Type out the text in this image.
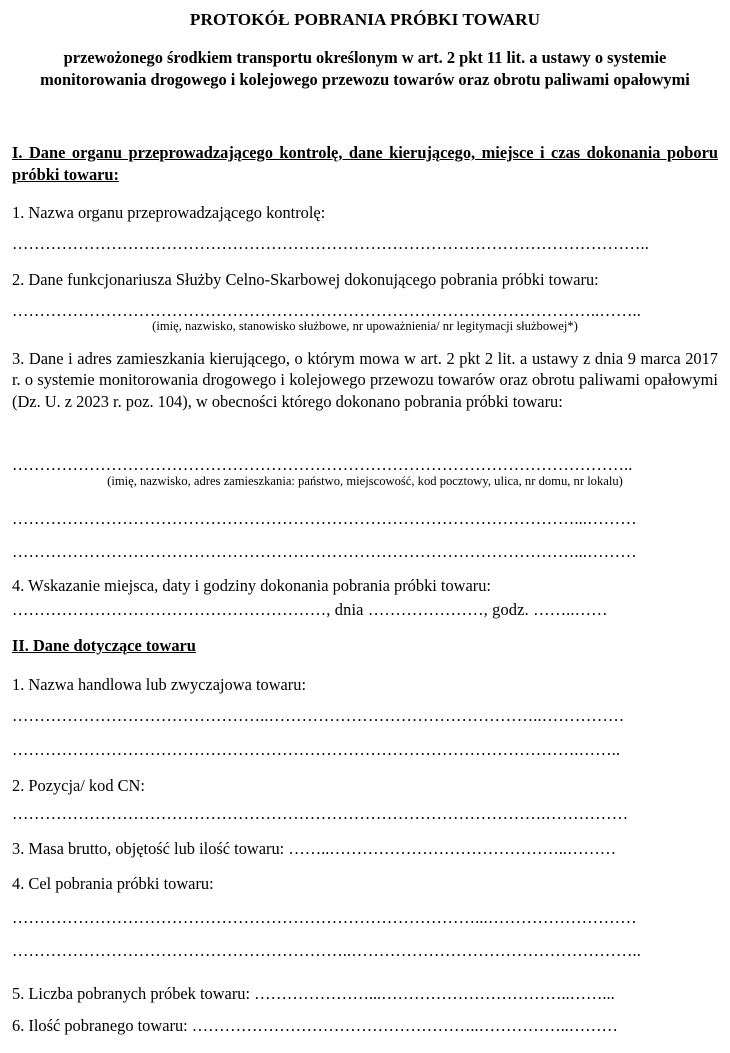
PROTOKÓŁ POBRANIA PRÓBKI TOWARU
przewożonego środkiem transportu określonym w art. 2 pkt 11 lit. a ustawy o systemie monitorowania drogowego i kolejowego przewozu towarów oraz obrotu paliwami opałowymi
I. Dane organu przeprowadzającego kontrolę, dane kierującego, miejsce i czas dokonania poboru próbki towaru:
1. Nazwa organu przeprowadzającego kontrolę:
……………………………………………………………………………………………………..
2. Dane funkcjonariusza Służby Celno-Skarbowej dokonującego pobrania próbki towaru:
……………………………………………………………………………………………..……..
(imię, nazwisko, stanowisko służbowe, nr upoważnienia/ nr legitymacji służbowej*)
3. Dane i adres zamieszkania kierującego, o którym mowa w art. 2 pkt 2 lit. a ustawy z dnia 9 marca 2017 r. o systemie monitorowania drogowego i kolejowego przewozu towarów oraz obrotu paliwami opałowymi (Dz. U. z 2023 r. poz. 104), w obecności którego dokonano pobrania próbki towaru:
…………………………………………………………………………………………………..
(imię, nazwisko, adres zamieszkania: państwo, miejscowość, kod pocztowy, ulica, nr domu, nr lokalu)
…………………………………………………………………………………………...………
…………………………………………………………………………………………...………
4. Wskazanie miejsca, daty i godziny dokonania pobrania próbki towaru:
…………………………………………………, dnia …………………, godz. ……..……
II. Dane dotyczące towaru
1. Nazwa handlowa lub zwyczajowa towaru:
………………………………………..…………………………………………..……………
………………………………………………………………………………………….……..
2. Pozycja/ kod CN:
…………………………………………………………………………………….……………
3. Masa brutto, objętość lub ilość towaru: ……..……………………………………..………
4. Cel pobrania próbki towaru:
…………………………………………………………………………...………………………
……………………………………………………..……………………………………………..
5. Liczba pobranych próbek towaru: …………………...……………………………..……...
6. Ilość pobranego towaru: ……………………………………………..……………..………
